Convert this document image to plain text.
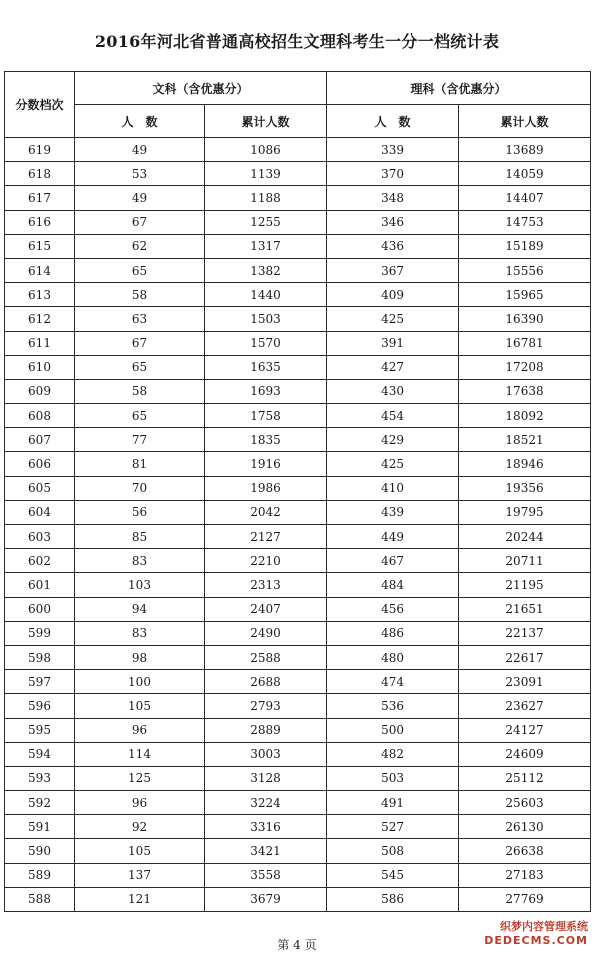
2016年河北省普通高校招生文理科考生一分一档统计表
分数档次	文科（含优惠分）		理科（含优惠分）	
	人　数	累计人数	人　数	累计人数
619	49	1086	339	13689
618	53	1139	370	14059
617	49	1188	348	14407
616	67	1255	346	14753
615	62	1317	436	15189
614	65	1382	367	15556
613	58	1440	409	15965
612	63	1503	425	16390
611	67	1570	391	16781
610	65	1635	427	17208
609	58	1693	430	17638
608	65	1758	454	18092
607	77	1835	429	18521
606	81	1916	425	18946
605	70	1986	410	19356
604	56	2042	439	19795
603	85	2127	449	20244
602	83	2210	467	20711
601	103	2313	484	21195
600	94	2407	456	21651
599	83	2490	486	22137
598	98	2588	480	22617
597	100	2688	474	23091
596	105	2793	536	23627
595	96	2889	500	24127
594	114	3003	482	24609
593	125	3128	503	25112
592	96	3224	491	25603
591	92	3316	527	26130
590	105	3421	508	26638
589	137	3558	545	27183
588	121	3679	586	27769
第 4 页
织梦内容管理系统
DEDECMS.COM
